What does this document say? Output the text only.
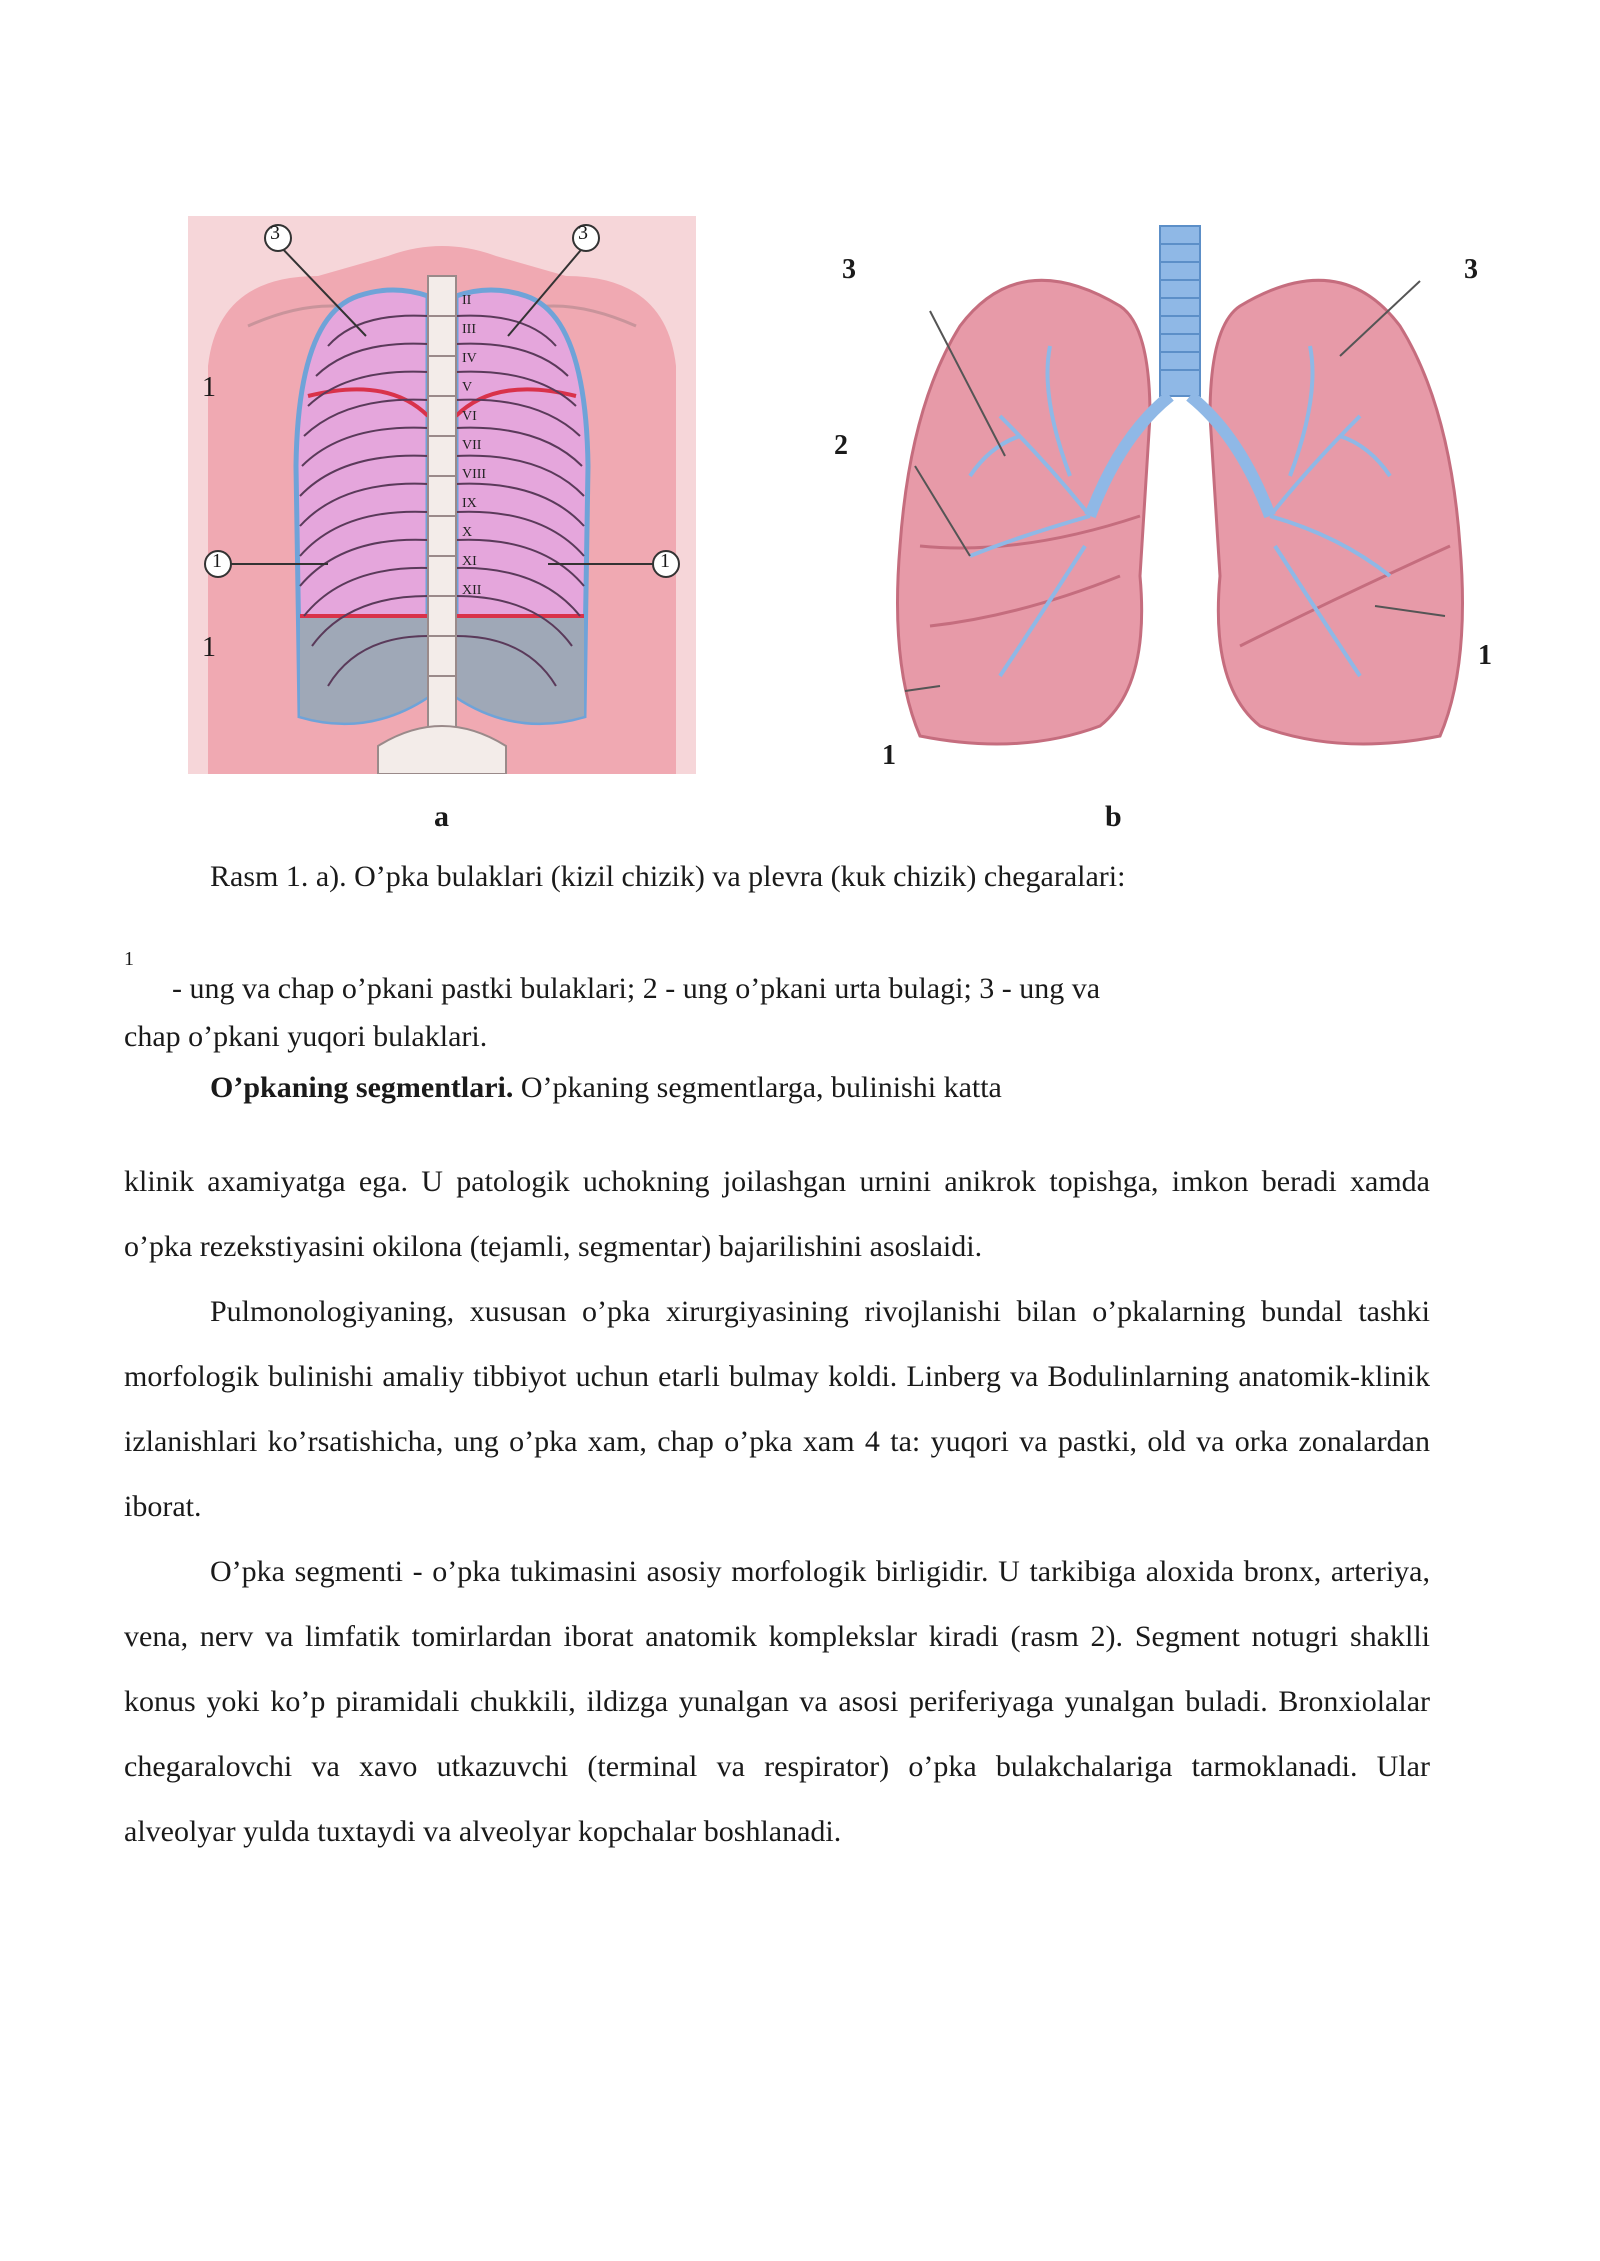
3	3
1	1
1
1
II
III
IV
V
VI
VII
VIII
IX
X
XI
XII
a
3	3
2
1
1
b
Rasm 1. a). O’pka bulaklari (kizil chizik) va plevra (kuk chizik) chegaralari:
1
- ung va chap o’pkani pastki bulaklari; 2 - ung o’pkani urta bulagi; 3 - ung va
chap o’pkani yuqori bulaklari.
O’pkaning segmentlari. O’pkaning segmentlarga, bulinishi katta

klinik axamiyatga ega. U patologik uchokning joilashgan urnini anikrok topishga, imkon beradi xamda o’pka rezekstiyasini okilona (tejamli, segmentar) bajarilishini asoslaidi.

Pulmonologiyaning, xususan o’pka xirurgiyasining rivojlanishi bilan o’pkalarning bundal tashki morfologik bulinishi amaliy tibbiyot uchun etarli bulmay koldi. Linberg va Bodulinlarning anatomik-klinik izlanishlari ko’rsatishicha, ung o’pka xam, chap o’pka xam 4 ta: yuqori va pastki, old va orka zonalardan iborat.

O’pka segmenti - o’pka tukimasini asosiy morfologik birligidir. U tarkibiga aloxida bronx, arteriya, vena, nerv va limfatik tomirlardan iborat anatomik komplekslar kiradi (rasm 2). Segment notugri shaklli konus yoki ko’p piramidali chukkili, ildizga yunalgan va asosi periferiyaga yunalgan buladi. Bronxiolalar chegaralovchi va xavo utkazuvchi (terminal va respirator) o’pka bulakchalariga tarmoklanadi. Ular alveolyar yulda tuxtaydi va alveolyar kopchalar boshlanadi.
